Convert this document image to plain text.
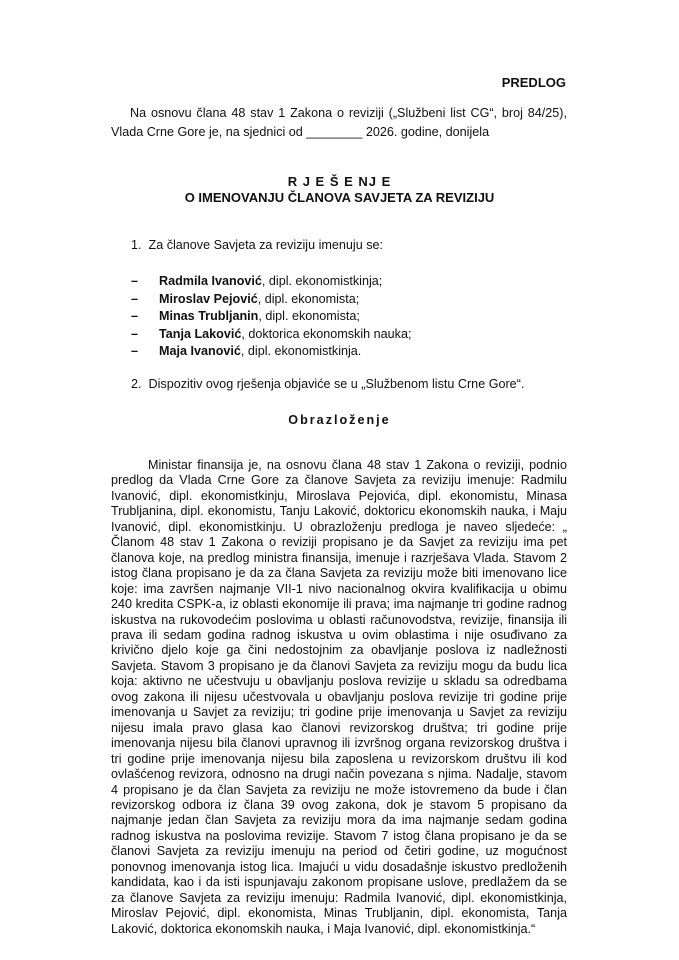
PREDLOG
Na osnovu člana 48 stav 1 Zakona o reviziji („Službeni list CG“, broj 84/25), Vlada Crne Gore je, na sjednici od ________ 2026. godine, donijela
R J E Š E NJ E
O IMENOVANJU ČLANOVA SAVJETA ZA REVIZIJU
1.  Za članove Savjeta za reviziju imenuju se:
– Radmila Ivanović, dipl. ekonomistkinja;
– Miroslav Pejović, dipl. ekonomista;
– Minas Trubljanin, dipl. ekonomista;
– Tanja Laković, doktorica ekonomskih nauka;
– Maja Ivanović, dipl. ekonomistkinja.
2.  Dispozitiv ovog rješenja objaviće se u „Službenom listu Crne Gore“.
Obrazloženje
Ministar finansija je, na osnovu člana 48 stav 1 Zakona o reviziji, podnio predlog da Vlada Crne Gore za članove Savjeta za reviziju imenuje: Radmilu Ivanović, dipl. ekonomistkinju, Miroslava Pejovića, dipl. ekonomistu, Minasa Trubljanina, dipl. ekonomistu, Tanju Laković, doktoricu ekonomskih nauka, i Maju Ivanović, dipl. ekonomistkinju. U obrazloženju predloga je naveo sljedeće: „ Članom 48 stav 1 Zakona o reviziji propisano je da Savjet za reviziju ima pet članova koje, na predlog ministra finansija, imenuje i razrješava Vlada. Stavom 2 istog člana propisano je da za člana Savjeta za reviziju može biti imenovano lice koje: ima završen najmanje VII-1 nivo nacionalnog okvira kvalifikacija u obimu 240 kredita CSPK-a, iz oblasti ekonomije ili prava; ima najmanje tri godine radnog iskustva na rukovodećim poslovima u oblasti računovodstva, revizije, finansija ili prava ili sedam godina radnog iskustva u ovim oblastima i nije osuđivano za krivično djelo koje ga čini nedostojnim za obavljanje poslova iz nadležnosti Savjeta. Stavom 3 propisano je da članovi Savjeta za reviziju mogu da budu lica koja: aktivno ne učestvuju u obavljanju poslova revizije u skladu sa odredbama ovog zakona ili nijesu učestvovala u obavljanju poslova revizije tri godine prije imenovanja u Savjet za reviziju; tri godine prije imenovanja u Savjet za reviziju nijesu imala pravo glasa kao članovi revizorskog društva; tri godine prije imenovanja nijesu bila članovi upravnog ili izvršnog organa revizorskog društva i tri godine prije imenovanja nijesu bila zaposlena u revizorskom društvu ili kod ovlašćenog revizora, odnosno na drugi način povezana s njima. Nadalje, stavom 4 propisano je da član Savjeta za reviziju ne može istovremeno da bude i član revizorskog odbora iz člana 39 ovog zakona, dok je stavom 5 propisano da najmanje jedan član Savjeta za reviziju mora da ima najmanje sedam godina radnog iskustva na poslovima revizije. Stavom 7 istog člana propisano je da se članovi Savjeta za reviziju imenuju na period od četiri godine, uz mogućnost ponovnog imenovanja istog lica. Imajući u vidu dosadašnje iskustvo predloženih kandidata, kao i da isti ispunjavaju zakonom propisane uslove, predlažem da se za članove Savjeta za reviziju imenuju: Radmila Ivanović, dipl. ekonomistkinja, Miroslav Pejović, dipl. ekonomista, Minas Trubljanin, dipl. ekonomista, Tanja Laković, doktorica ekonomskih nauka, i Maja Ivanović, dipl. ekonomistkinja.“
